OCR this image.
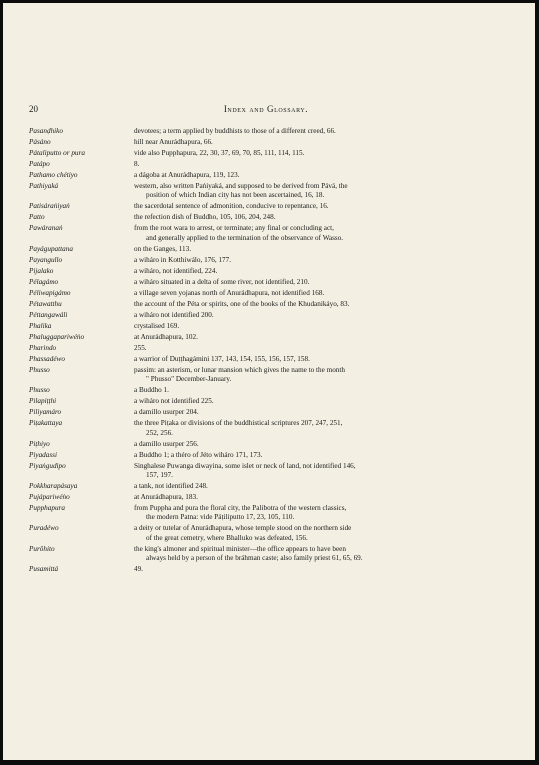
20	Index and Glossary.
Pasanḍhiko	devotees; a term applied by buddhists to those of a different creed, 66.
Pásáno	hill near Anurádhapura, 66.
Pátaliputto or pura	vide also Pupphapura, 22, 30, 37, 69, 70, 85, 111, 114, 115.
Patápo	8.
Pathamo chétiyo	a dágoba at Anurádhapura, 119, 123.
Pathiyaká	western, also written Paṅiyaká, and supposed to be derived from Pává, the
position of which Indian city has not been ascertained, 16, 18.
Patisáraṅiyaṅ	the sacerdotal sentence of admonition, conducive to repentance, 16.
Patto	the refection dish of Buddho, 105, 106, 204, 248.
Pawáranaṅ	from the root wara to arrest, or terminate; any final or concluding act,
and generally applied to the termination of the observance of Wasso.
Payágupattana	on the Ganges, 113.
Payangullo	a wiháro in Kotthiwálo, 176, 177.
Pijalako	a wiháro, not identified, 224.
Pélagámo	a wiháro situated in a delta of some river, not identified, 210.
Péliwapigámo	a village seven yojanas north of Anurádhapura, not identified 168.
Pétawatthu	the account of the Péta or spirits, one of the books of the Khudanikáyo, 83.
Péttangawáli	a wiháro not identified 200.
Phalika	crystalised 169.
Phaluggapariwéṅo	at Anurádhapura, 102.
Pharindo	255.
Phassadéwo	a warrior of Duṭṭhagámini 137, 143, 154, 155, 156, 157, 158.
Phusso	passim: an asterism, or lunar mansion which gives the name to the month
" Phusso" December-January.
Phusso	a Buddho 1.
Pilapiṭṭhi	a wiháro not identified 225.
Piliyamáro	a damillo usurper 204.
Piṭakattaya	the three Piṭaka or divisions of the buddhistical scriptures 207, 247, 251,
252, 256.
Piṭhiyo	a damillo usurper 256.
Piyadassi	a Buddho 1; a théro of Jéto wiháro 171, 173.
Piyaṅgudipo	Singhalese Puwanga diwayina, some islet or neck of land, not identified 146,
157, 197.
Pokkharapásaya	a tank, not identified 248.
Pujápariwéṅo	at Anurádhapura, 183.
Pupphapura	from Puppha and pura the floral city, the Palibotra of the western classics,
the modern Patna: vide Páṭiliputto 17, 23, 105, 110.
Puradéwo	a deity or tutelar of Anurádhapura, whose temple stood on the northern side
of the great cemetry, where Bhalluko was defeated, 156.
Purôhito	the king's almoner and spiritual minister—the office appears to have been
always held by a person of the bráhman caste; also family priest 61, 65, 69.
Pusamittá	49.
